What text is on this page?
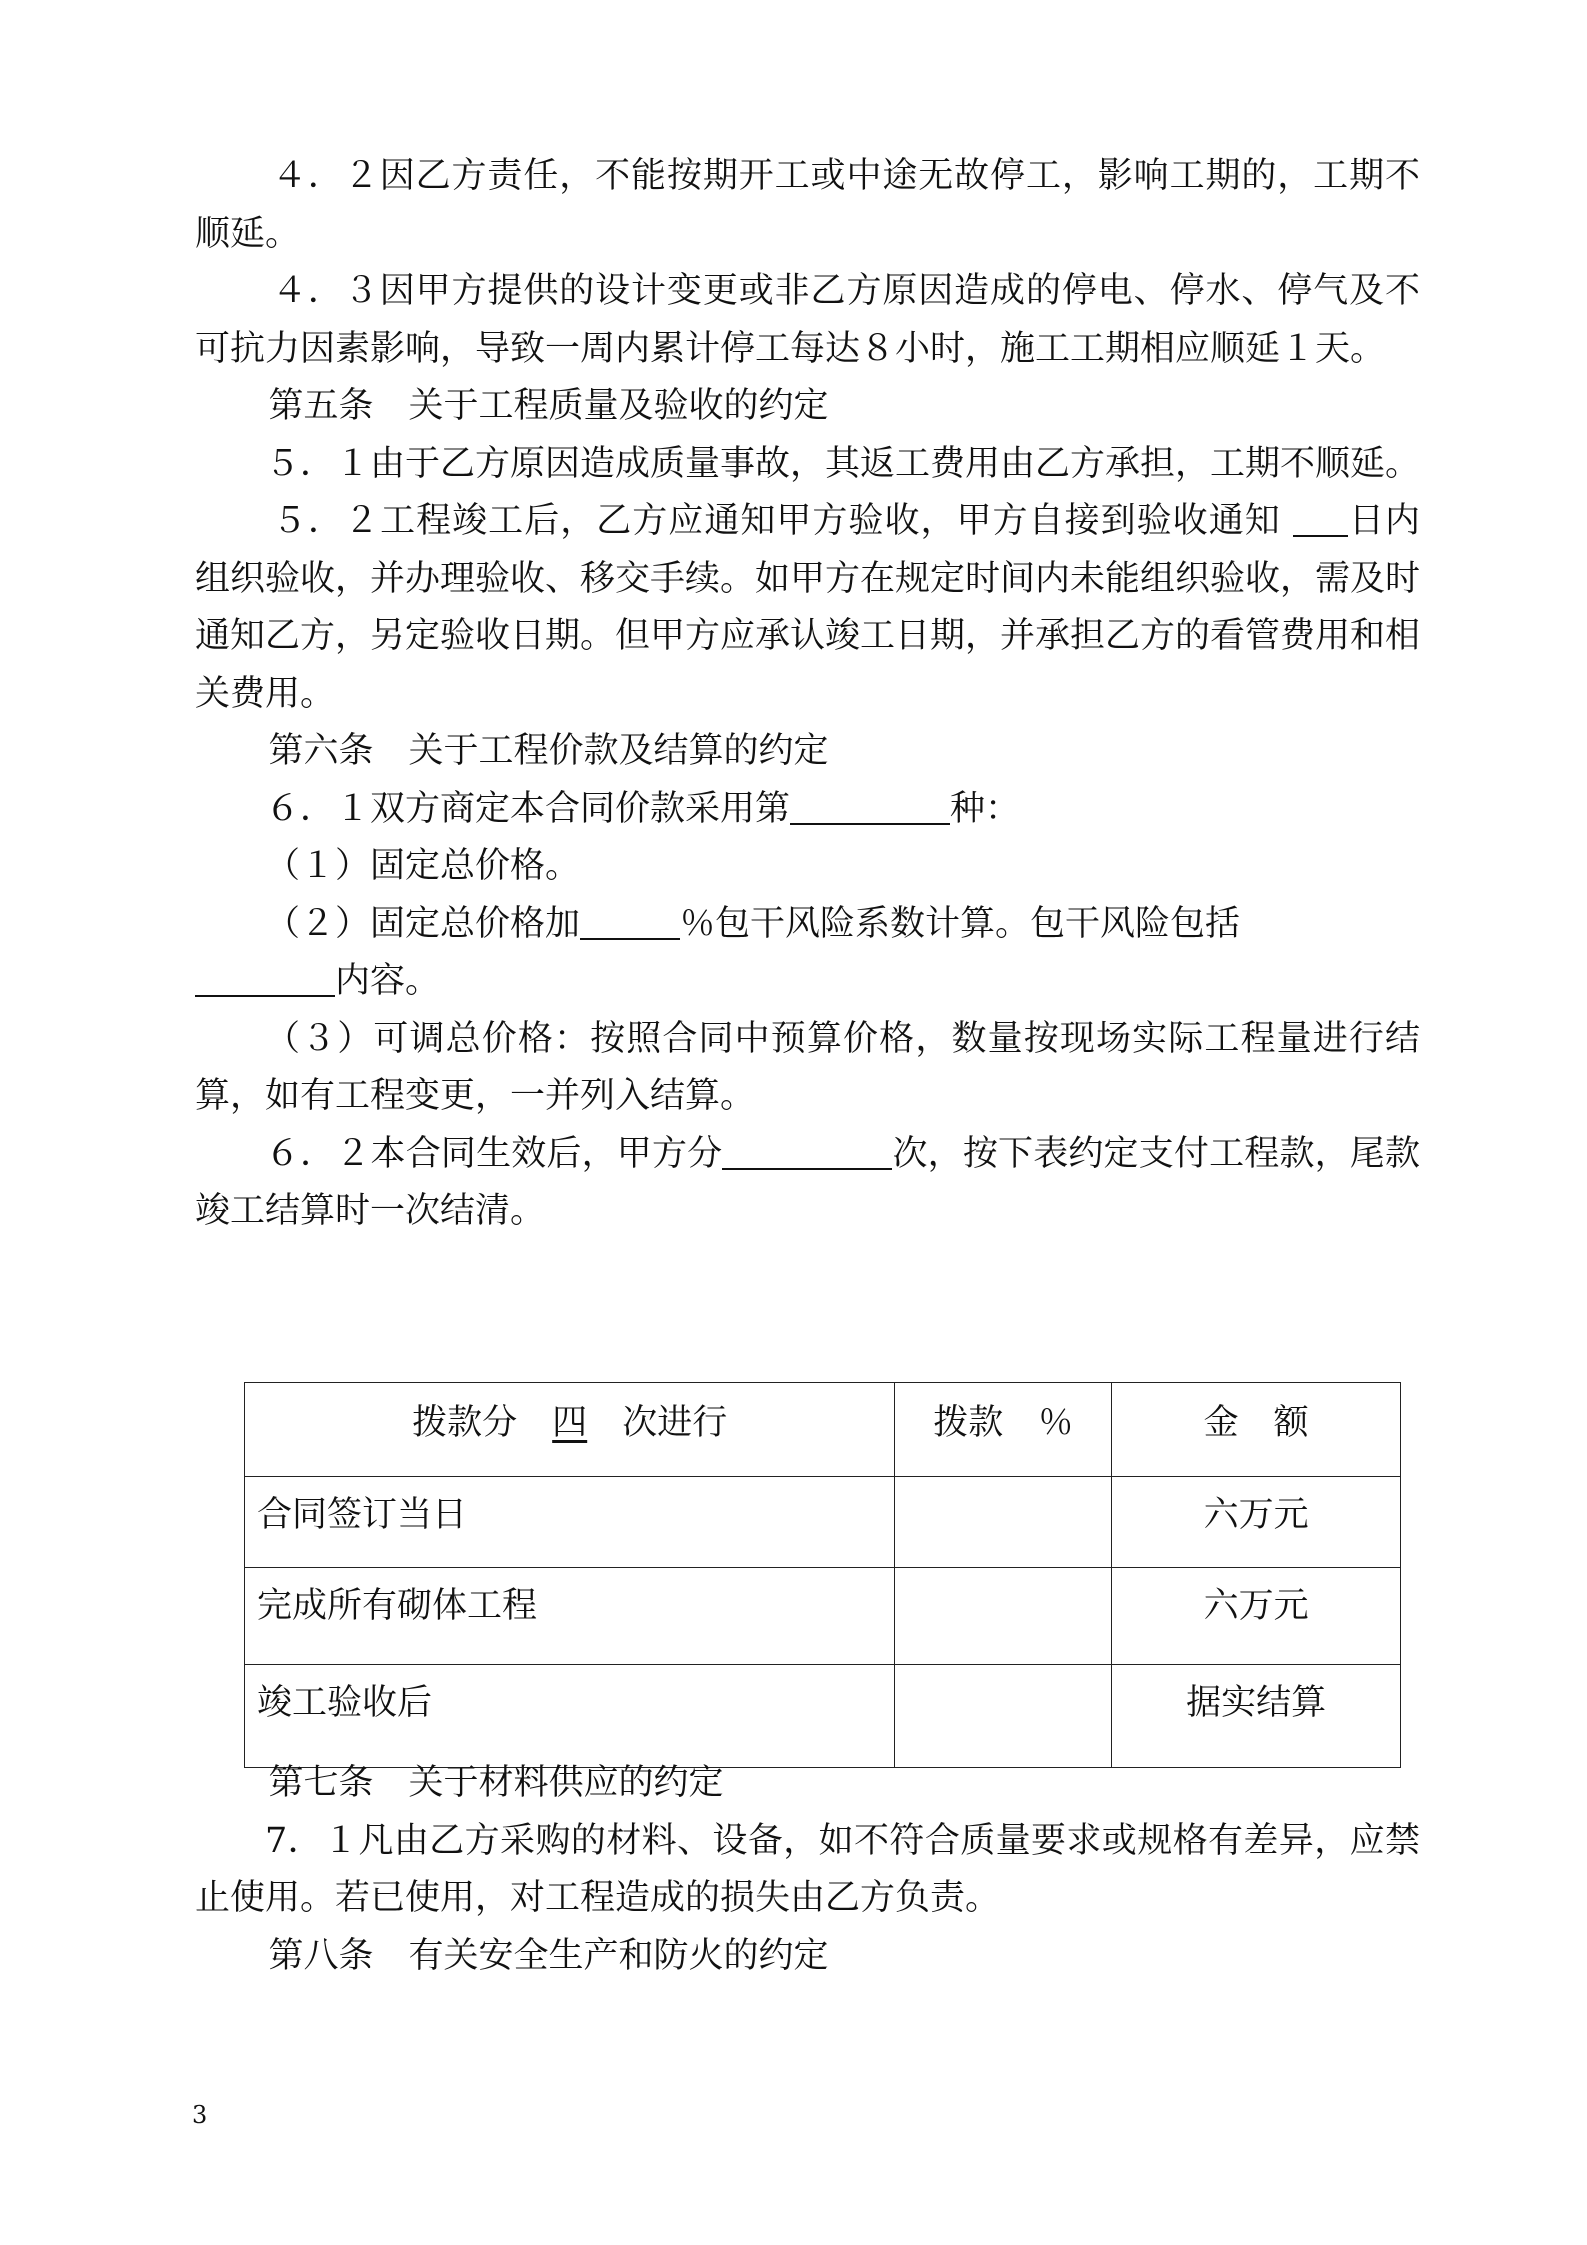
４．２因乙方责任，不能按期开工或中途无故停工，影响工期的，工期不顺延。

４．３因甲方提供的设计变更或非乙方原因造成的停电、停水、停气及不可抗力因素影响，导致一周内累计停工每达８小时，施工工期相应顺延１天。

第五条　关于工程质量及验收的约定

５．１由于乙方原因造成质量事故，其返工费用由乙方承担，工期不顺延。

５．２工程竣工后，乙方应通知甲方验收，甲方自接到验收通知 日内组织验收，并办理验收、移交手续。如甲方在规定时间内未能组织验收，需及时通知乙方，另定验收日期。但甲方应承认竣工日期，并承担乙方的看管费用和相关费用。

第六条　关于工程价款及结算的约定

６．１双方商定本合同价款采用第	种：

（１）固定总价格。

（２）固定总价格加	％包干风险系数计算。包干风险包括
内容。

（３）可调总价格：按照合同中预算价格，数量按现场实际工程量进行结算，如有工程变更，一并列入结算。

６．２本合同生效后，甲方分	次，按下表约定支付工程款，尾款竣工结算时一次结清。

拨款分　 四　 次进行	拨款　％	金　额
合同签订当日		六万元
完成所有砌体工程		六万元
竣工验收后		据实结算

第七条　关于材料供应的约定

7．１凡由乙方采购的材料、设备，如不符合质量要求或规格有差异，应禁止使用。若已使用，对工程造成的损失由乙方负责。

第八条　有关安全生产和防火的约定

3
